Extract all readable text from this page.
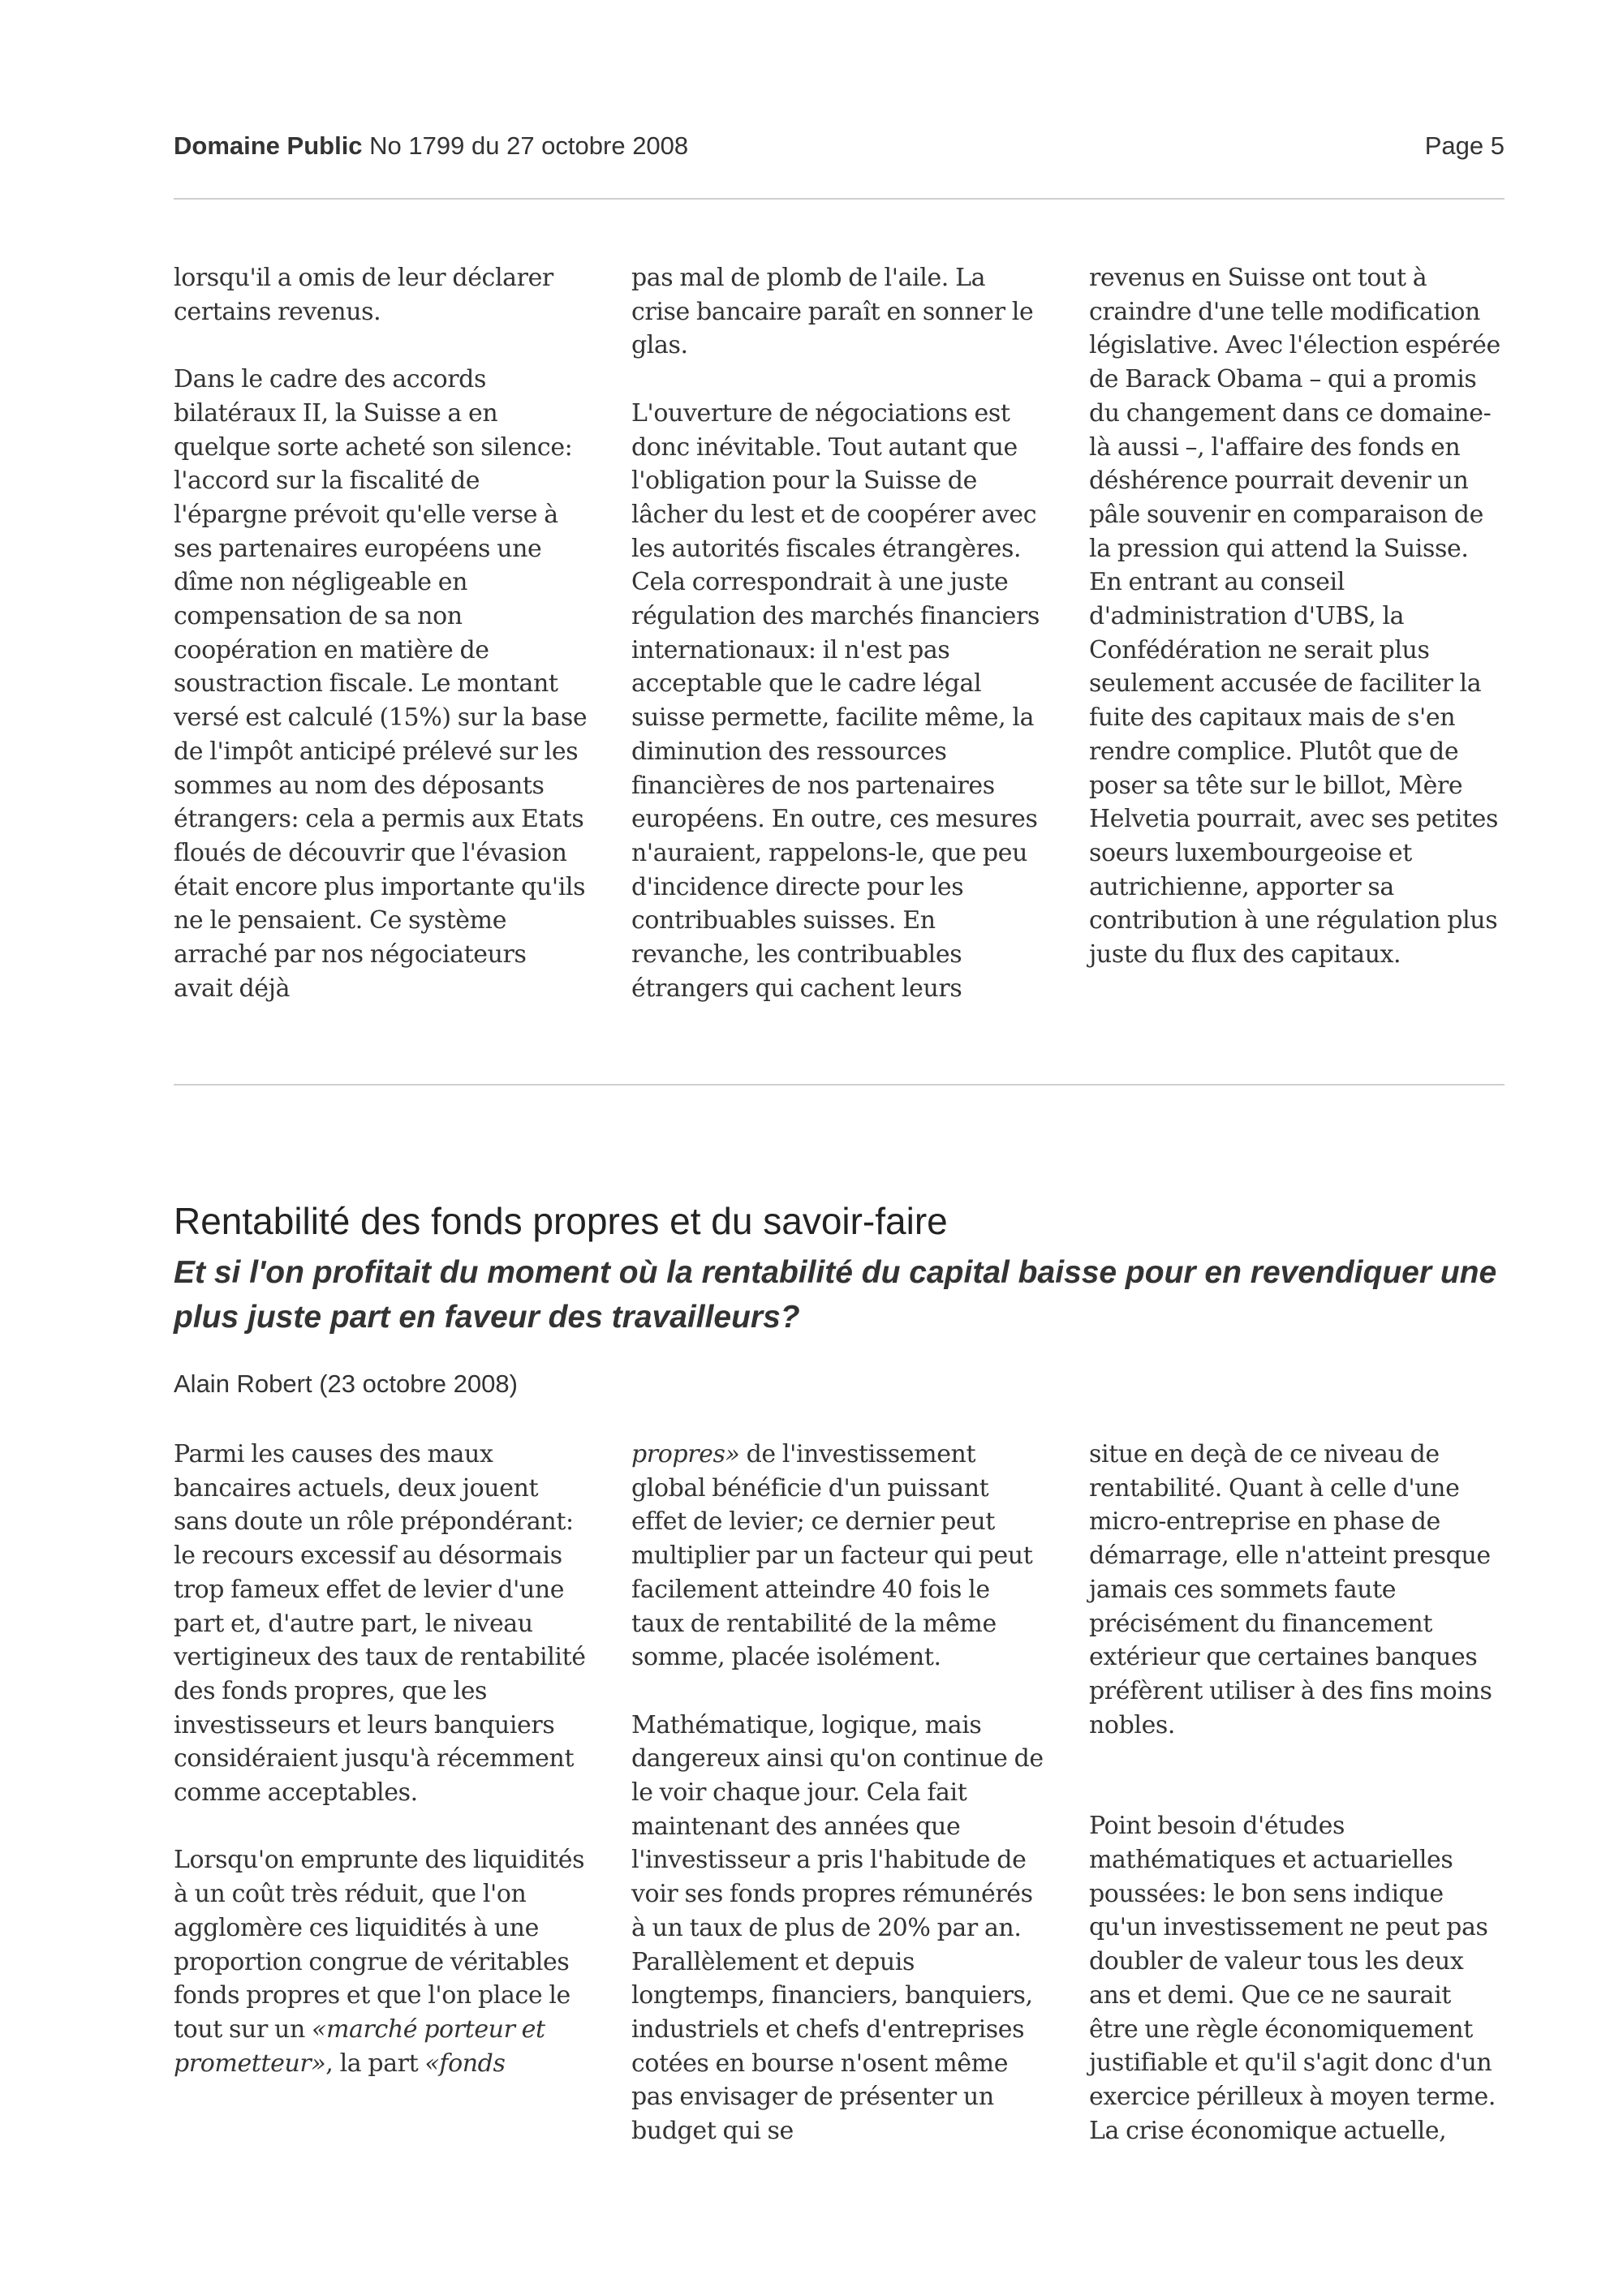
Domaine Public No 1799 du 27 octobre 2008	Page 5

lorsqu'il a omis de leur déclarer certains revenus.

Dans le cadre des accords bilatéraux II, la Suisse a en quelque sorte acheté son silence: l'accord sur la fiscalité de l'épargne prévoit qu'elle verse à ses partenaires européens une dîme non négligeable en compensation de sa non coopération en matière de soustraction fiscale. Le montant versé est calculé (15%) sur la base de l'impôt anticipé prélevé sur les sommes au nom des déposants étrangers: cela a permis aux Etats floués de découvrir que l'évasion était encore plus importante qu'ils ne le pensaient. Ce système arraché par nos négociateurs avait déjà

pas mal de plomb de l'aile. La crise bancaire paraît en sonner le glas.

L'ouverture de négociations est donc inévitable. Tout autant que l'obligation pour la Suisse de lâcher du lest et de coopérer avec les autorités fiscales étrangères. Cela correspondrait à une juste régulation des marchés financiers internationaux: il n'est pas acceptable que le cadre légal suisse permette, facilite même, la diminution des ressources financières de nos partenaires européens. En outre, ces mesures n'auraient, rappelons-le, que peu d'incidence directe pour les contribuables suisses. En revanche, les contribuables étrangers qui cachent leurs

revenus en Suisse ont tout à craindre d'une telle modification législative. Avec l'élection espérée de Barack Obama – qui a promis du changement dans ce domaine-là aussi –, l'affaire des fonds en déshérence pourrait devenir un pâle souvenir en comparaison de la pression qui attend la Suisse. En entrant au conseil d'administration d'UBS, la Confédération ne serait plus seulement accusée de faciliter la fuite des capitaux mais de s'en rendre complice. Plutôt que de poser sa tête sur le billot, Mère Helvetia pourrait, avec ses petites soeurs luxembourgeoise et autrichienne, apporter sa contribution à une régulation plus juste du flux des capitaux.

Rentabilité des fonds propres et du savoir-faire
Et si l'on profitait du moment où la rentabilité du capital baisse pour en revendiquer une plus juste part en faveur des travailleurs?
Alain Robert (23 octobre 2008)

Parmi les causes des maux bancaires actuels, deux jouent sans doute un rôle prépondérant: le recours excessif au désormais trop fameux effet de levier d'une part et, d'autre part, le niveau vertigineux des taux de rentabilité des fonds propres, que les investisseurs et leurs banquiers considéraient jusqu'à récemment comme acceptables.

Lorsqu'on emprunte des liquidités à un coût très réduit, que l'on agglomère ces liquidités à une proportion congrue de véritables fonds propres et que l'on place le tout sur un «marché porteur et prometteur», la part «fonds

propres» de l'investissement global bénéficie d'un puissant effet de levier; ce dernier peut multiplier par un facteur qui peut facilement atteindre 40 fois le taux de rentabilité de la même somme, placée isolément.

Mathématique, logique, mais dangereux ainsi qu'on continue de le voir chaque jour. Cela fait maintenant des années que l'investisseur a pris l'habitude de voir ses fonds propres rémunérés à un taux de plus de 20% par an. Parallèlement et depuis longtemps, financiers, banquiers, industriels et chefs d'entreprises cotées en bourse n'osent même pas envisager de présenter un budget qui se

situe en deçà de ce niveau de rentabilité. Quant à celle d'une micro-entreprise en phase de démarrage, elle n'atteint presque jamais ces sommets faute précisément du financement extérieur que certaines banques préfèrent utiliser à des fins moins nobles.

Point besoin d'études mathématiques et actuarielles poussées: le bon sens indique qu'un investissement ne peut pas doubler de valeur tous les deux ans et demi. Que ce ne saurait être une règle économiquement justifiable et qu'il s'agit donc d'un exercice périlleux à moyen terme. La crise économique actuelle,
